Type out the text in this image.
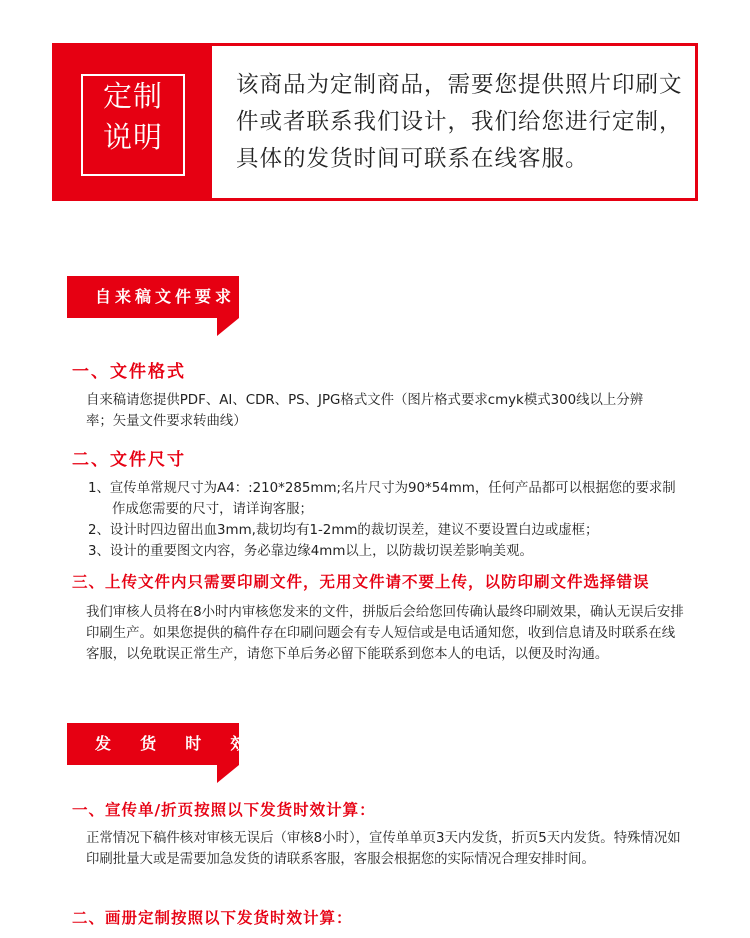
定制
说明
该商品为定制商品，需要您提供照片印刷文件或者联系我们设计，我们给您进行定制，具体的发货时间可联系在线客服。
自来稿文件要求
一、文件格式
自来稿请您提供PDF、AI、CDR、PS、JPG格式文件（图片格式要求cmyk模式300线以上分辨率；矢量文件要求转曲线）
二、文件尺寸
1、宣传单常规尺寸为A4：:210*285mm;名片尺寸为90*54mm，任何产品都可以根据您的要求制作成您需要的尺寸，请详询客服；
2、设计时四边留出血3mm,裁切均有1-2mm的裁切误差，建议不要设置白边或虚框；
3、设计的重要图文内容，务必靠边缘4mm以上，以防裁切误差影响美观。
三、上传文件内只需要印刷文件，无用文件请不要上传，以防印刷文件选择错误
我们审核人员将在8小时内审核您发来的文件，拼版后会给您回传确认最终印刷效果，确认无误后安排印刷生产。如果您提供的稿件存在印刷问题会有专人短信或是电话通知您，收到信息请及时联系在线客服，以免耽误正常生产，请您下单后务必留下能联系到您本人的电话，以便及时沟通。
发  货  时  效
一、宣传单/折页按照以下发货时效计算：
正常情况下稿件核对审核无误后（审核8小时），宣传单单页3天内发货，折页5天内发货。特殊情况如印刷批量大或是需要加急发货的请联系客服，客服会根据您的实际情况合理安排时间。
二、画册定制按照以下发货时效计算：
